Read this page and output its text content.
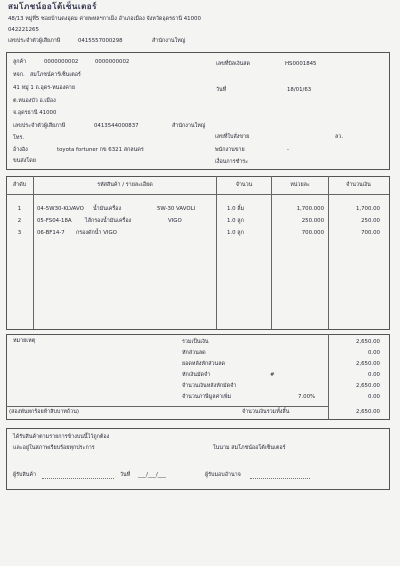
สมโภชน์ออโต้เซ็นเตอร์
48/13 หมู่ที่5 ซอยบ้านดงอุดม ค่ายพหลฯกาเม็ง อำเภอเมือง จังหวัดอุดรธานี 41000
042221265
เลขประจำตัวผู้เสียภาษี	0415557000298	สำนักงานใหญ่
ลูกค้า	0000000002	0000000002
หจก. สมโภชน์คาร์เซ็นเตอร์
41 หมู่ 1 ถ.อุดร-หนองคาย
ต.หนองบัว อ.เมือง
จ.อุดรธานี 41000
เลขประจำตัวผู้เสียภาษี	0413544000837	สำนักงานใหญ่
โทร.
อ้างอิง	toyota fortuner กข 6321 สกลนคร
ขนส่งโดย
เลขที่บิลเงินสด	HS0001845
วันที่	18/01/63
เลขที่ใบสั่งขาย	ลว.
พนักงานขาย	-
เงื่อนการชำระ
ลำดับ	รหัสสินค้า / รายละเอียด	จำนวน	หน่วยละ	จำนวนเงิน
1	04-5W30-KLVAVO น้ำมันเครื่อง	5W-30 VAVOLI	1.0 ลิ้ม	1,700.000	1,700.00
2	05-FS04-18A ไส้กรองน้ำมันเครื่อง	VIGO	1.0 ลูก	250.000	250.00
3	06-BF14-7 กรองดักน้ำ VIGO	1.0 ลูก	700.000	700.00
หมายเหตุ	รวมเป็นเงิน	2,650.00
หักส่วนลด	0.00
ยอดหลังหักส่วนลด	2,650.00
หักเงินมัดจำ	#	0.00
จำนวนเงินหลังหักมัดจำ	2,650.00
จำนวนภาษีมูลค่าเพิ่ม	7.00%	0.00
(สองพันหกร้อยห้าสิบบาทถ้วน)	จำนวนเงินรวมทั้งสิ้น	2,650.00
ได้รับสินค้าตามรายการข้างบนนี้ไว้ถูกต้อง
และอยู่ในสภาพเรียบร้อยทุกประการ	ในนาม สมโภชน์ออโต้เซ็นเตอร์
ผู้รับสินค้า	วันที่ ___/___/___	ผู้รับมอบอำนาจ
